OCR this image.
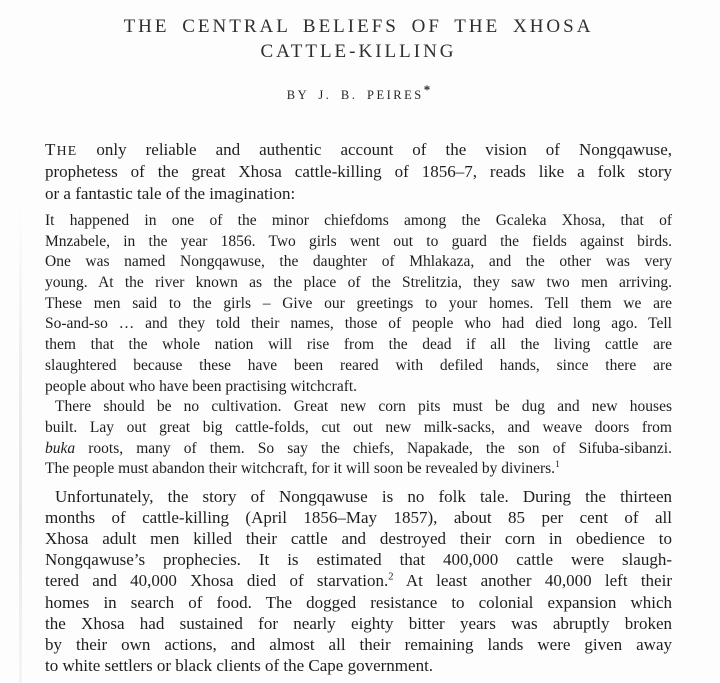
THE CENTRAL BELIEFS OF THE XHOSA
CATTLE-KILLING
BY J. B. PEIRES*
THE only reliable and authentic account of the vision of Nongqawuse,
prophetess of the great Xhosa cattle-killing of 1856–7, reads like a folk story
or a fantastic tale of the imagination:
It happened in one of the minor chiefdoms among the Gcaleka Xhosa, that of
Mnzabele, in the year 1856. Two girls went out to guard the fields against birds.
One was named Nongqawuse, the daughter of Mhlakaza, and the other was very
young. At the river known as the place of the Strelitzia, they saw two men arriving.
These men said to the girls – Give our greetings to your homes. Tell them we are
So-and-so … and they told their names, those of people who had died long ago. Tell
them that the whole nation will rise from the dead if all the living cattle are
slaughtered because these have been reared with defiled hands, since there are
people about who have been practising witchcraft.
There should be no cultivation. Great new corn pits must be dug and new houses
built. Lay out great big cattle-folds, cut out new milk-sacks, and weave doors from
buka roots, many of them. So say the chiefs, Napakade, the son of Sifuba-sibanzi.
The people must abandon their witchcraft, for it will soon be revealed by diviners.$^1$
Unfortunately, the story of Nongqawuse is no folk tale. During the thirteen
months of cattle-killing (April 1856–May 1857), about 85 per cent of all
Xhosa adult men killed their cattle and destroyed their corn in obedience to
Nongqawuse’s prophecies. It is estimated that 400,000 cattle were slaugh-
tered and 40,000 Xhosa died of starvation.$^2$ At least another 40,000 left their
homes in search of food. The dogged resistance to colonial expansion which
the Xhosa had sustained for nearly eighty bitter years was abruptly broken
by their own actions, and almost all their remaining lands were given away
to white settlers or black clients of the Cape government.
